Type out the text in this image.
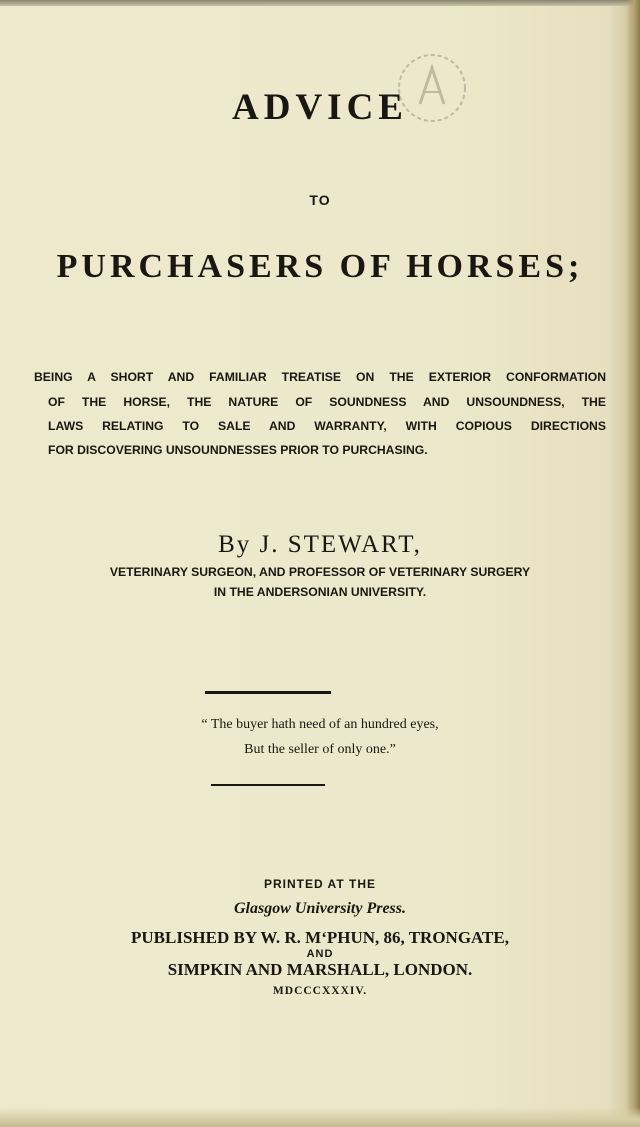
ADVICE
TO
PURCHASERS OF HORSES;
BEING A SHORT AND FAMILIAR TREATISE ON THE EXTERIOR CONFORMATION
OF THE HORSE, THE NATURE OF SOUNDNESS AND UNSOUNDNESS, THE
LAWS RELATING TO SALE AND WARRANTY, WITH COPIOUS DIRECTIONS
FOR DISCOVERING UNSOUNDNESSES PRIOR TO PURCHASING.
By J. STEWART,
VETERINARY SURGEON, AND PROFESSOR OF VETERINARY SURGERY
IN THE ANDERSONIAN UNIVERSITY.
“ The buyer hath need of an hundred eyes,
But the seller of only one.”
PRINTED AT THE
Glasgow University Press.
PUBLISHED BY W. R. M‘PHUN, 86, TRONGATE,
AND
SIMPKIN AND MARSHALL, LONDON.
MDCCCXXXIV.
